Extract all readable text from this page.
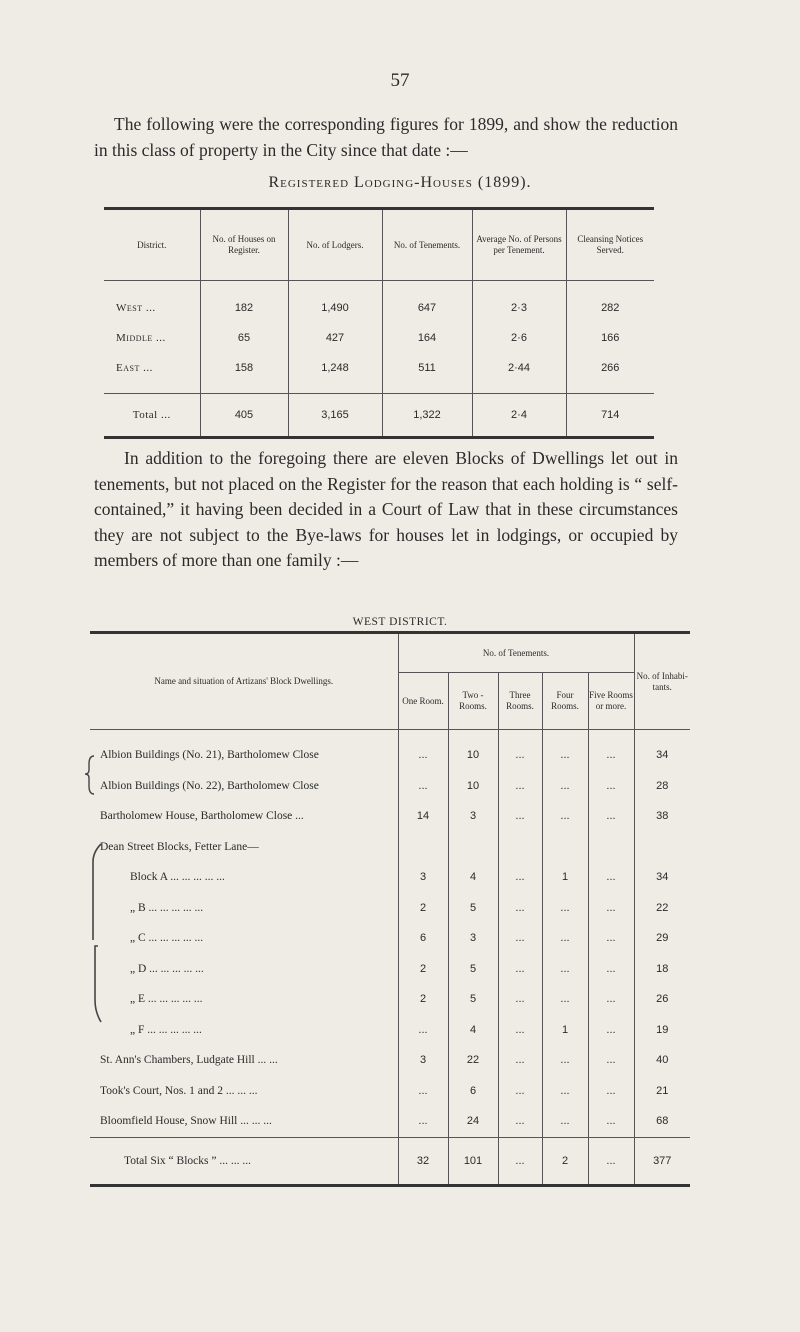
57

The following were the corresponding figures for 1899, and show the reduction in this class of property in the City since that date :—

Registered Lodging-Houses (1899).
District.	No. of Houses on Register.	No. of Lodgers.	No. of Tenements.	Average No. of Persons per Tenement.	Cleansing Notices Served.
West ...	182	1,490	647	2·3	282
Middle ...	65	427	164	2·6	166
East ...	158	1,248	511	2·44	266
Total ...	405	3,165	1,322	2·4	714

In addition to the foregoing there are eleven Blocks of Dwellings let out in tenements, but not placed on the Register for the reason that each holding is “ self-contained,” it having been decided in a Court of Law that in these circumstances they are not subject to the Bye-laws for houses let in lodgings, or occupied by members of more than one family :—

WEST DISTRICT.
Name and situation of Artizans' Block Dwellings.	No. of Tenements.					No. of Inhabi- tants.
	One Room.	Two - Rooms.	Three Rooms.	Four Rooms.	Five Rooms or more.	
Albion Buildings (No. 21), Bartholomew Close	...	10	...	...	...	34
Albion Buildings (No. 22), Bartholomew Close	...	10	...	...	...	28
Bartholomew House, Bartholomew Close ...	14	3	...	...	...	38
Dean Street Blocks, Fetter Lane—						
Block A ... ... ... ... ...	3	4	...	1	...	34
„ B ... ... ... ... ...	2	5	...	...	...	22
„ C ... ... ... ... ...	6	3	...	...	...	29
„ D ... ... ... ... ...	2	5	...	...	...	18
„ E ... ... ... ... ...	2	5	...	...	...	26
„ F ... ... ... ... ...	...	4	...	1	...	19
St. Ann's Chambers, Ludgate Hill ... ...	3	22	...	...	...	40
Took's Court, Nos. 1 and 2 ... ... ...	...	6	...	...	...	21
Bloomfield House, Snow Hill ... ... ...	...	24	...	...	...	68
Total Six “ Blocks ” ... ... ...	32	101	...	2	...	377
